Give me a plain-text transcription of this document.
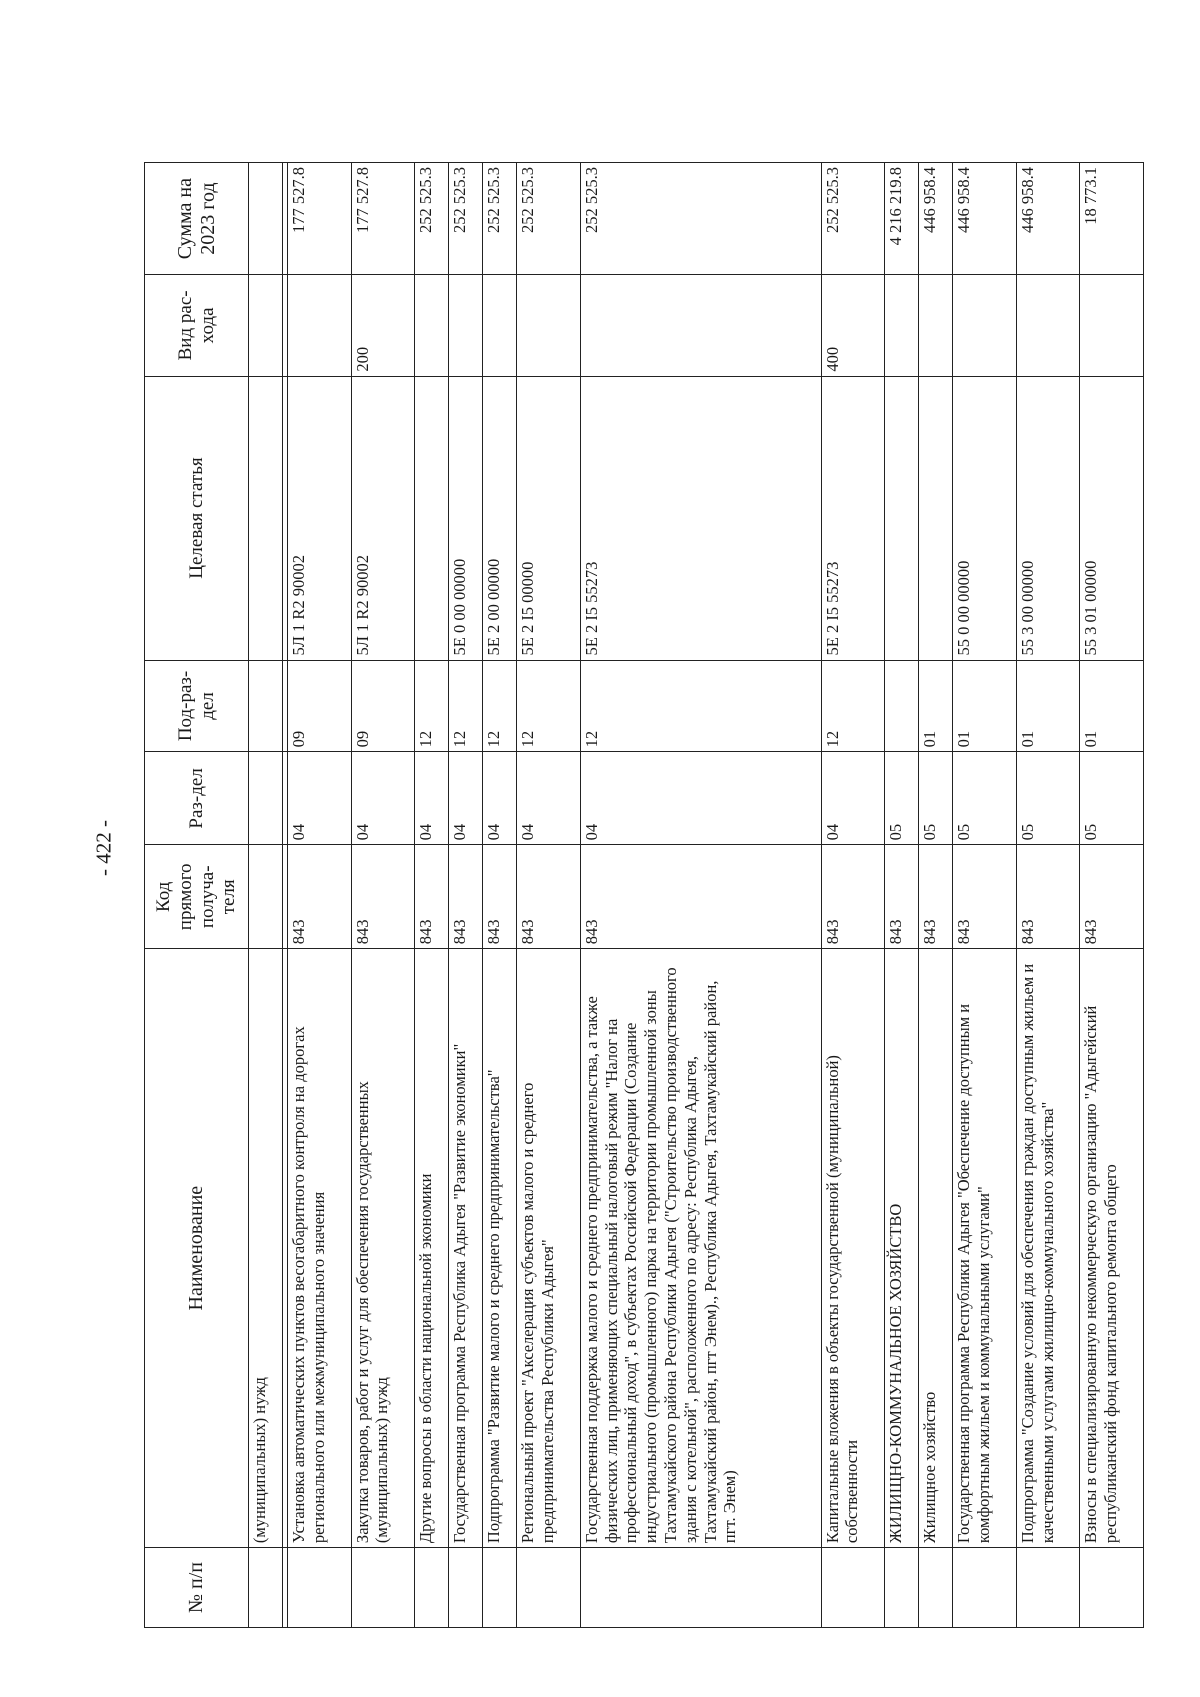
- 422 -
№ п/п	Наименование	Код прямого получа-теля	Раз-дел	Под-раз-дел	Целевая статья	Вид рас-хода	Сумма на 2023 год
	(муниципальных) нужд						

	Установка автоматических пунктов весогабаритного контроля на дорогах регионального или межмуниципального значения	843	04	09	5Л 1 R2 90002		177 527.8
	Закупка товаров, работ и услуг для обеспечения государственных (муниципальных) нужд	843	04	09	5Л 1 R2 90002	200	177 527.8
	Другие вопросы в области национальной экономики	843	04	12			252 525.3
	Государственная программа Республика Адыгея "Развитие экономики"	843	04	12	5Е 0 00 00000		252 525.3
	Подпрограмма "Развитие малого и среднего предпринимательства"	843	04	12	5Е 2 00 00000		252 525.3
	Региональный проект "Акселерация субъектов малого и среднего предпринимательства Республики Адыгея"	843	04	12	5Е 2 I5 00000		252 525.3
	Государственная поддержка малого и среднего предпринимательства, а также физических лиц, применяющих специальный налоговый режим "Налог на профессиональный доход", в субъектах Российской Федерации (Создание индустриального (промышленного) парка на территории промышленной зоны Тахтамукайского района Республики Адыгея ("Строительство производственного здания с котельной", расположенного по адресу: Республика Адыгея, Тахтамукайский район, пгт Энем)., Республика Адыгея, Тахтамукайский район, пгт. Энем)	843	04	12	5Е 2 I5 55273		252 525.3
	Капитальные вложения в объекты государственной (муниципальной) собственности	843	04	12	5Е 2 I5 55273	400	252 525.3
	ЖИЛИЩНО-КОММУНАЛЬНОЕ ХОЗЯЙСТВО	843	05				4 216 219.8
	Жилищное хозяйство	843	05	01			446 958.4
	Государственная программа Республики Адыгея "Обеспечение доступным и комфортным жильем и коммунальными услугами"	843	05	01	55 0 00 00000		446 958.4
	Подпрограмма "Создание условий для обеспечения граждан доступным жильем и качественными услугами жилищно-коммунального хозяйства"	843	05	01	55 3 00 00000		446 958.4
	Взносы в специализированную некоммерческую организацию "Адыгейский республиканский фонд капитального ремонта общего	843	05	01	55 3 01 00000		18 773.1
